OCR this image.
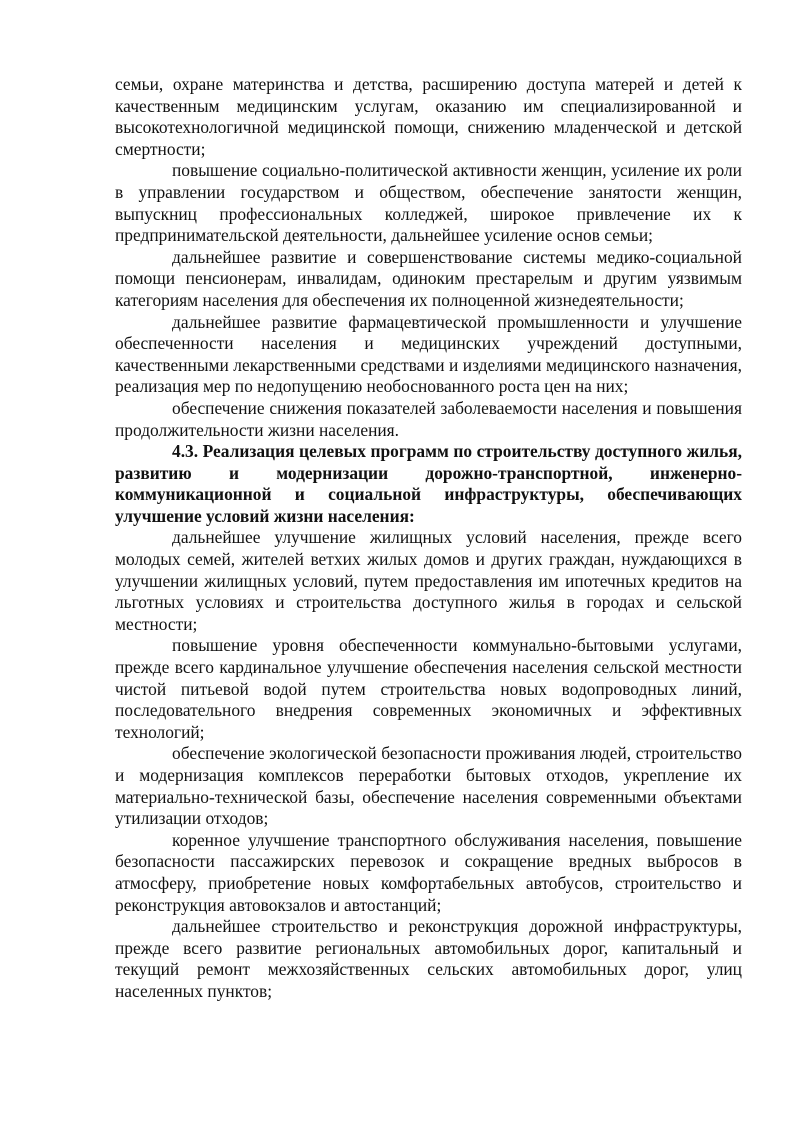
семьи, охране материнства и детства, расширению доступа матерей и детей к качественным медицинским услугам, оказанию им специализированной и высокотехнологичной медицинской помощи, снижению младенческой и детской смертности;

повышение социально-политической активности женщин, усиление их роли в управлении государством и обществом, обеспечение занятости женщин, выпускниц профессиональных колледжей, широкое привлечение их к предпринимательской деятельности, дальнейшее усиление основ семьи;

дальнейшее развитие и совершенствование системы медико-социальной помощи пенсионерам, инвалидам, одиноким престарелым и другим уязвимым категориям населения для обеспечения их полноценной жизнедеятельности;

дальнейшее развитие фармацевтической промышленности и улучшение обеспеченности населения и медицинских учреждений доступными, качественными лекарственными средствами и изделиями медицинского назначения, реализация мер по недопущению необоснованного роста цен на них;

обеспечение снижения показателей заболеваемости населения и повышения продолжительности жизни населения.

4.3. Реализация целевых программ по строительству доступного жилья, развитию и модернизации дорожно-транспортной, инженерно-коммуникационной и социальной инфраструктуры, обеспечивающих улучшение условий жизни населения:

дальнейшее улучшение жилищных условий населения, прежде всего молодых семей, жителей ветхих жилых домов и других граждан, нуждающихся в улучшении жилищных условий, путем предоставления им ипотечных кредитов на льготных условиях и строительства доступного жилья в городах и сельской местности;

повышение уровня обеспеченности коммунально-бытовыми услугами, прежде всего кардинальное улучшение обеспечения населения сельской местности чистой питьевой водой путем строительства новых водопроводных линий, последовательного внедрения современных экономичных и эффективных технологий;

обеспечение экологической безопасности проживания людей, строительство и модернизация комплексов переработки бытовых отходов, укрепление их материально-технической базы, обеспечение населения современными объектами утилизации отходов;

коренное улучшение транспортного обслуживания населения, повышение безопасности пассажирских перевозок и сокращение вредных выбросов в атмосферу, приобретение новых комфортабельных автобусов, строительство и реконструкция автовокзалов и автостанций;

дальнейшее строительство и реконструкция дорожной инфраструктуры, прежде всего развитие региональных автомобильных дорог, капитальный и текущий ремонт межхозяйственных сельских автомобильных дорог, улиц населенных пунктов;
